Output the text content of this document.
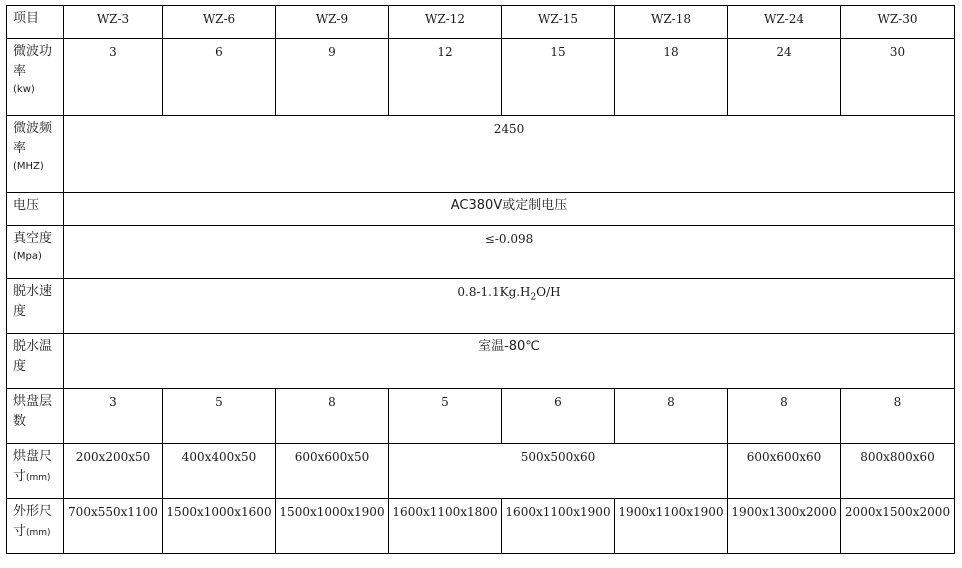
项目	WZ-3	WZ-6	WZ-9	WZ-12	WZ-15	WZ-18	WZ-24	WZ-30
微波功
率
(kw)	3	6	9	12	15	18	24	30
微波频
率
(MHZ)	2450							
电压	AC380V或定制电压							
真空度
(Mpa)	≤-0.098							
脱水速
度	$0.8-1.1Kg.H_2O/H$							
脱水温
度	室温-80℃							
烘盘层
数	3	5	8	5	6	8	8	8
烘盘尺
寸(mm)	200x200x50	400x400x50	600x600x50	500x500x60			600x600x60	800x800x60
外形尺
寸(mm)	700x550x1100	1500x1000x1600	1500x1000x1900	1600x1100x1800	1600x1100x1900	1900x1100x1900	1900x1300x2000	2000x1500x2000
